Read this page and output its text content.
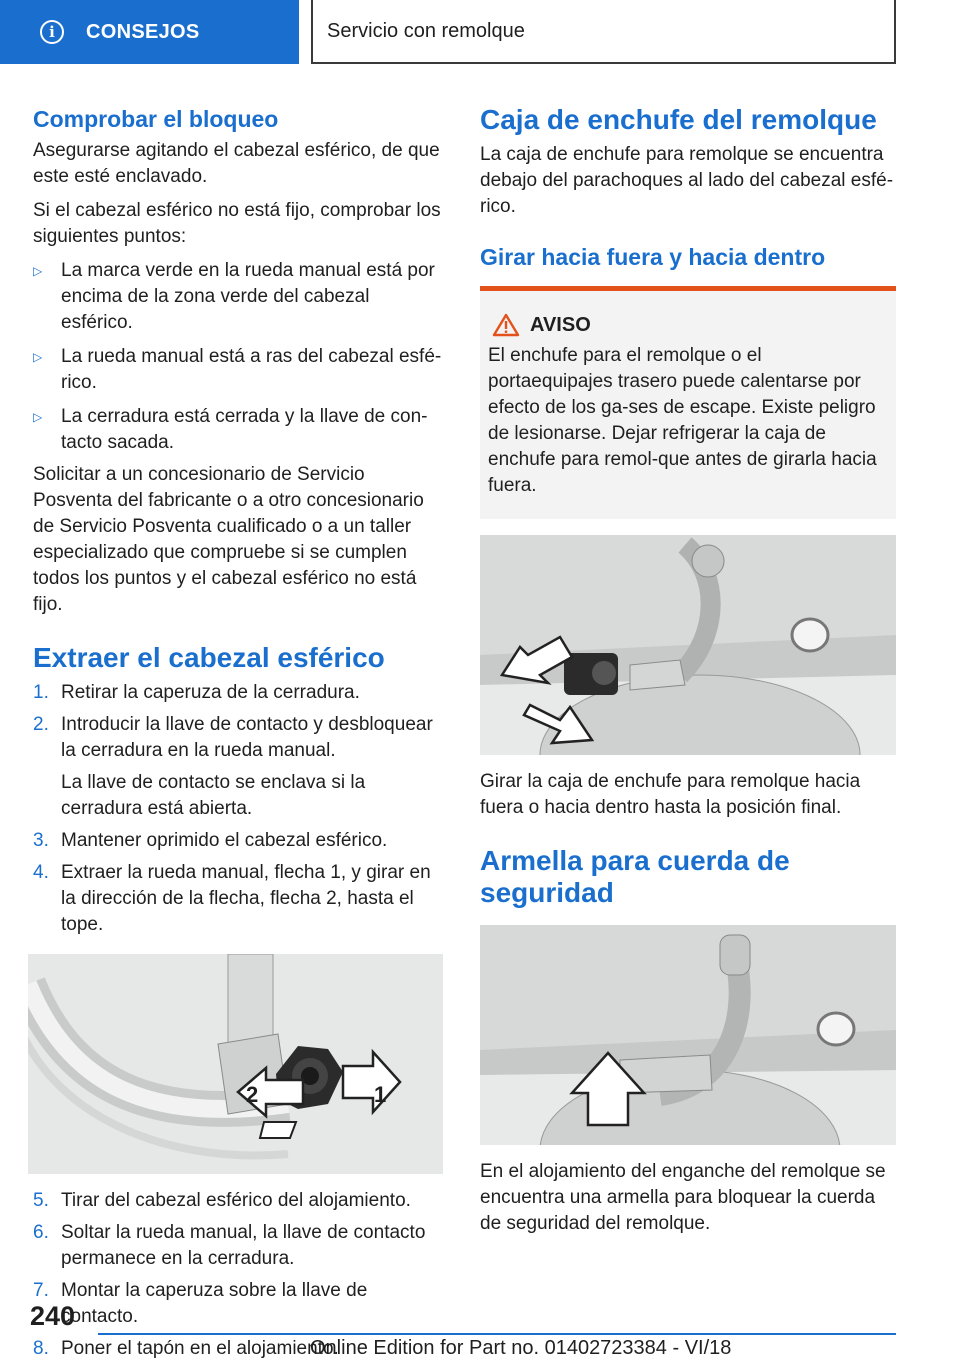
i	CONSEJOS	Servicio con remolque
Comprobar el bloqueo

Asegurarse agitando el cabezal esférico, de que este esté enclavado.

Si el cabezal esférico no está fijo, comprobar los siguientes puntos:

▷ La marca verde en la rueda manual está por encima de la zona verde del cabezal esférico.
▷ La rueda manual está a ras del cabezal esfé-rico.
▷ La cerradura está cerrada y la llave de con-tacto sacada.

Solicitar a un concesionario de Servicio Posventa del fabricante o a otro concesionario de Servicio Posventa cualificado o a un taller especializado que compruebe si se cumplen todos los puntos y el cabezal esférico no está fijo.

Extraer el cabezal esférico
1. Retirar la caperuza de la cerradura.
2. Introducir la llave de contacto y desbloquear la cerradura en la rueda manual.

La llave de contacto se enclava si la cerradura está abierta.

3. Mantener oprimido el cabezal esférico.
4. Extraer la rueda manual, flecha 1, y girar en la dirección de la flecha, flecha 2, hasta el tope.
1
2
5. Tirar del cabezal esférico del alojamiento.
6. Soltar la rueda manual, la llave de contacto permanece en la cerradura.
7. Montar la caperuza sobre la llave de contacto.
8. Poner el tapón en el alojamiento.
Caja de enchufe del remolque

La caja de enchufe para remolque se encuentra debajo del parachoques al lado del cabezal esfé-rico.

Girar hacia fuera y hacia dentro
AVISO

El enchufe para el remolque o el portaequipajes trasero puede calentarse por efecto de los ga-ses de escape. Existe peligro de lesionarse. Dejar refrigerar la caja de enchufe para remol-que antes de girarla hacia fuera.

Girar la caja de enchufe para remolque hacia fuera o hacia dentro hasta la posición final.

Armella para cuerda de seguridad

En el alojamiento del enganche del remolque se encuentra una armella para bloquear la cuerda de seguridad del remolque.

240
Online Edition for Part no. 01402723384 - VI/18
